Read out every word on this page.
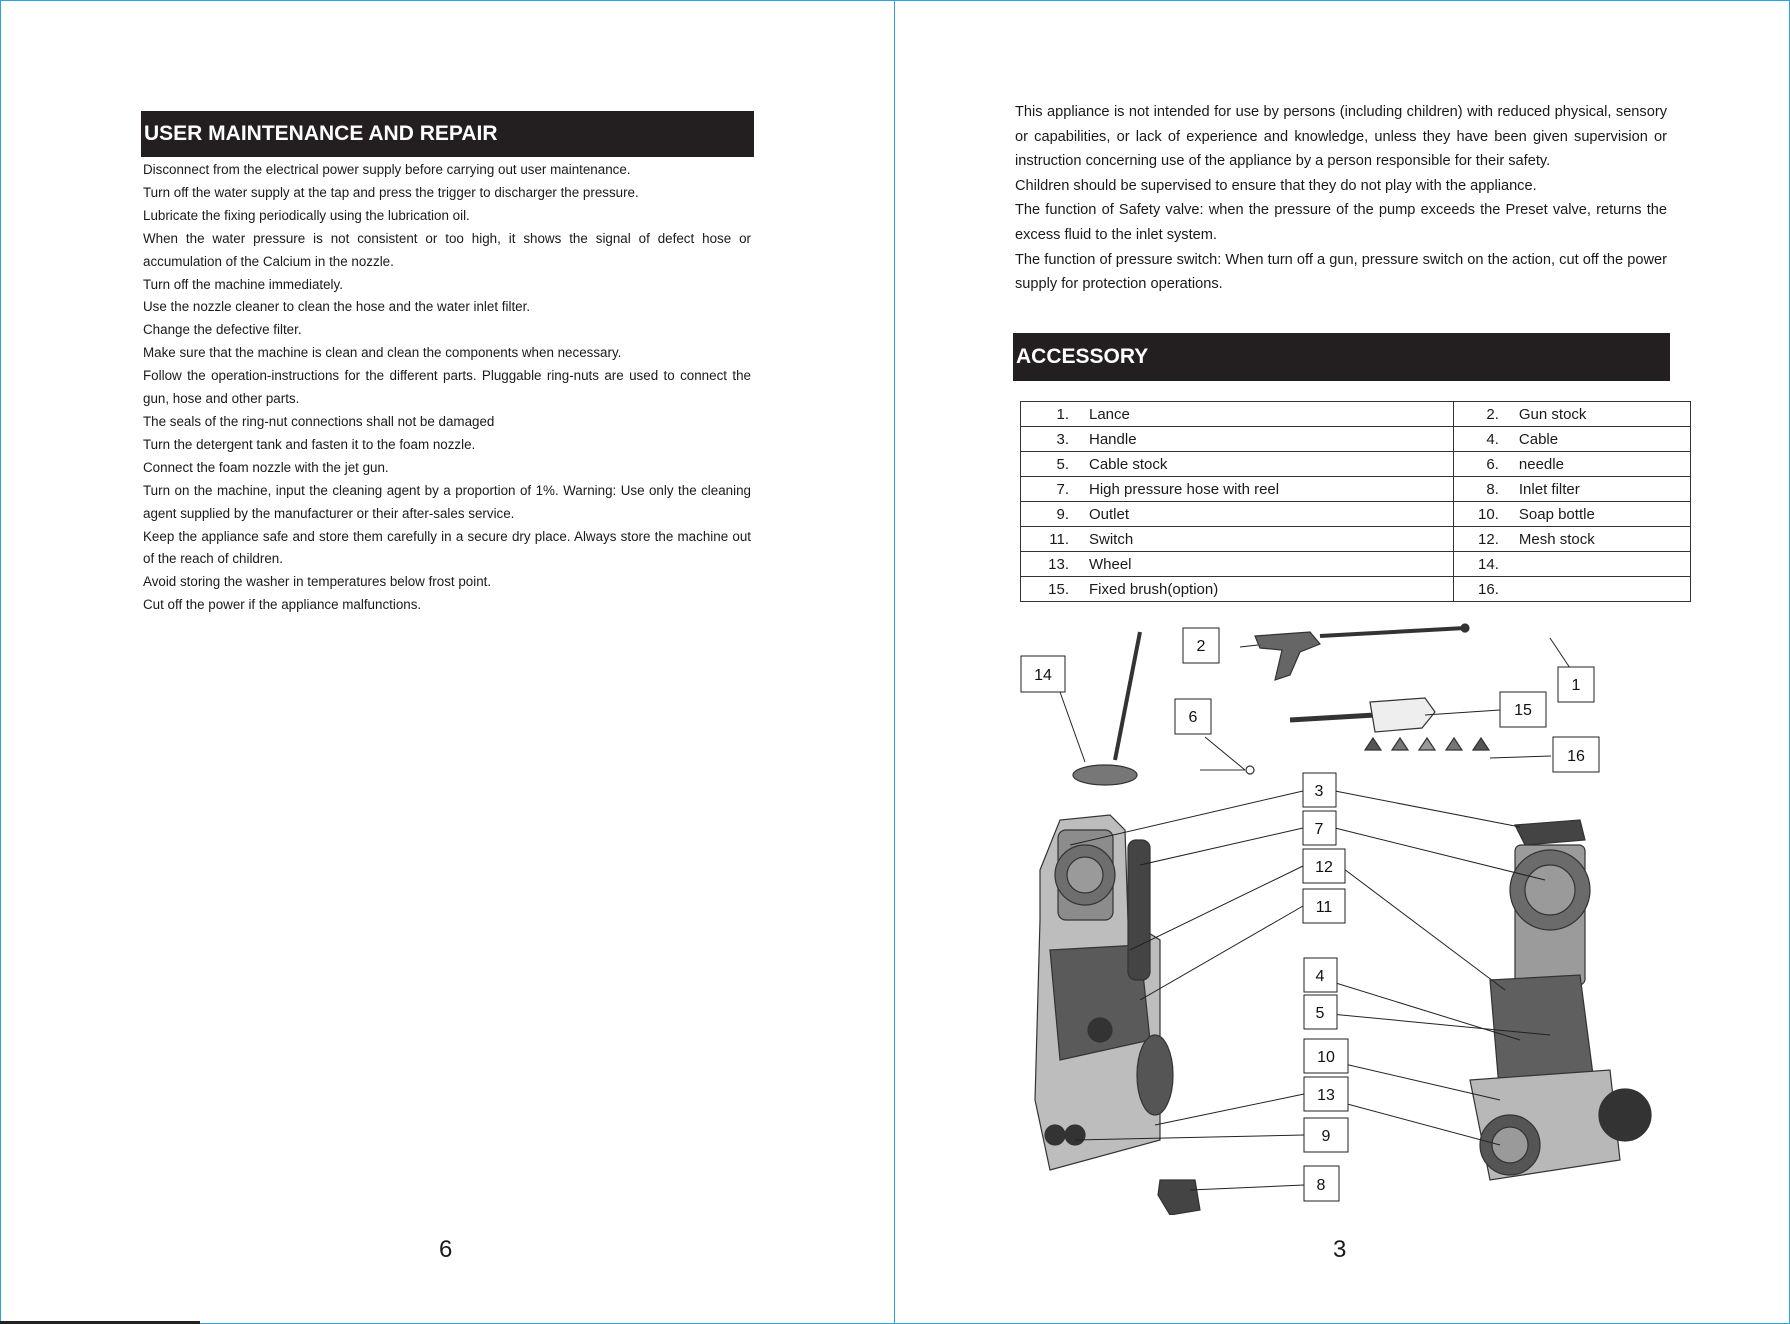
USER MAINTENANCE AND REPAIR

Disconnect from the electrical power supply before carrying out user maintenance.

Turn off the water supply at the tap and press the trigger to discharger the pressure.

Lubricate the fixing periodically using the lubrication oil.

When the water pressure is not consistent or too high, it shows the signal of defect hose or accumulation of the Calcium in the nozzle.

Turn off the machine immediately.

Use the nozzle cleaner to clean the hose and the water inlet filter.

Change the defective filter.

Make sure that the machine is clean and clean the components when necessary.

Follow the operation-instructions for the different parts. Pluggable ring-nuts are used to connect the gun, hose and other parts.

The seals of the ring-nut connections shall not be damaged

Turn the detergent tank and fasten it to the foam nozzle.

Connect the foam nozzle with the jet gun.

Turn on the machine, input the cleaning agent by a proportion of 1%. Warning: Use only the cleaning agent supplied by the manufacturer or their after-sales service.

Keep the appliance safe and store them carefully in a secure dry place. Always store the machine out of the reach of children.

Avoid storing the washer in temperatures below frost point.

Cut off the power if the appliance malfunctions.

6

This appliance is not intended for use by persons (including children) with reduced physical, sensory or capabilities, or lack of experience and knowledge, unless they have been given supervision or instruction concerning use of the appliance by a person responsible for their safety.

Children should be supervised to ensure that they do not play with the appliance.

The function of Safety valve: when the pressure of the pump exceeds the Preset valve, returns the excess fluid to the inlet system.

The function of pressure switch: When turn off a gun, pressure switch on the action, cut off the power supply for protection operations.

ACCESSORY
1. Lance	2. Gun stock

3. Handle	4. Cable

5. Cable stock	6. needle

7. High pressure hose with reel	8. Inlet filter

9. Outlet	10. Soap bottle

11. Switch	12. Mesh stock

13. Wheel	14.

15. Fixed brush(option)	16.
14
2
6
1
15
16
3
7
12
11
4
5
10
13
9
8
3
